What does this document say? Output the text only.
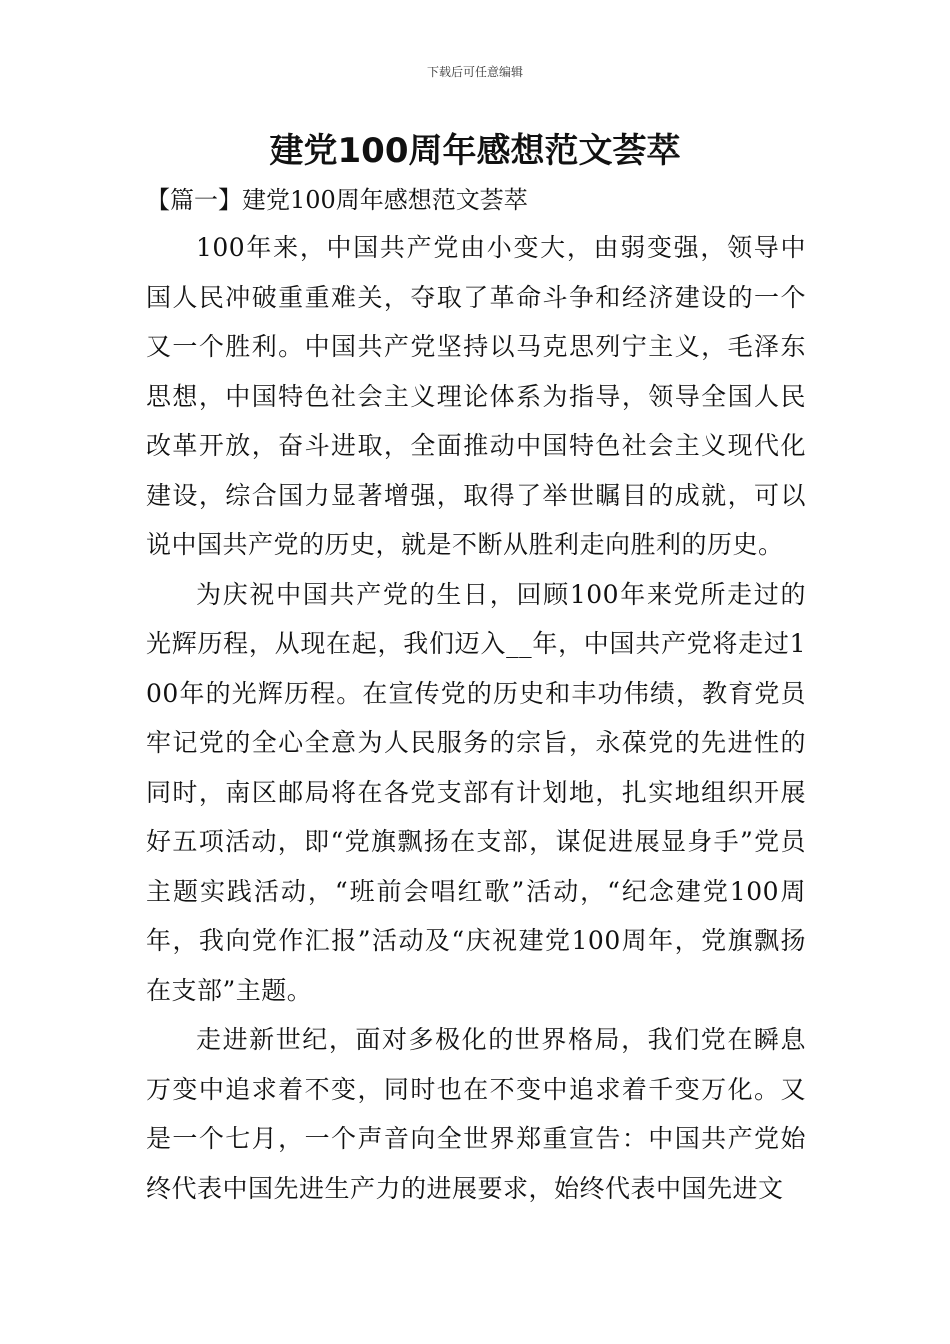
下载后可任意编辑
建党100周年感想范文荟萃
【篇一】建党100周年感想范文荟萃

100年来，中国共产党由小变大，由弱变强，领导中国人民冲破重重难关，夺取了革命斗争和经济建设的一个又一个胜利。中国共产党坚持以马克思列宁主义，毛泽东思想，中国特色社会主义理论体系为指导，领导全国人民改革开放，奋斗进取，全面推动中国特色社会主义现代化建设，综合国力显著增强，取得了举世瞩目的成就，可以说中国共产党的历史，就是不断从胜利走向胜利的历史。

为庆祝中国共产党的生日，回顾100年来党所走过的光辉历程，从现在起，我们迈入__年，中国共产党将走过100年的光辉历程。在宣传党的历史和丰功伟绩，教育党员牢记党的全心全意为人民服务的宗旨，永葆党的先进性的同时，南区邮局将在各党支部有计划地，扎实地组织开展好五项活动，即“党旗飘扬在支部，谋促进展显身手”党员主题实践活动，“班前会唱红歌”活动，“纪念建党100周年，我向党作汇报”活动及“庆祝建党100周年，党旗飘扬在支部”主题。

走进新世纪，面对多极化的世界格局，我们党在瞬息万变中追求着不变，同时也在不变中追求着千变万化。又是一个七月，一个声音向全世界郑重宣告：中国共产党始终代表中国先进生产力的进展要求，始终代表中国先进文
